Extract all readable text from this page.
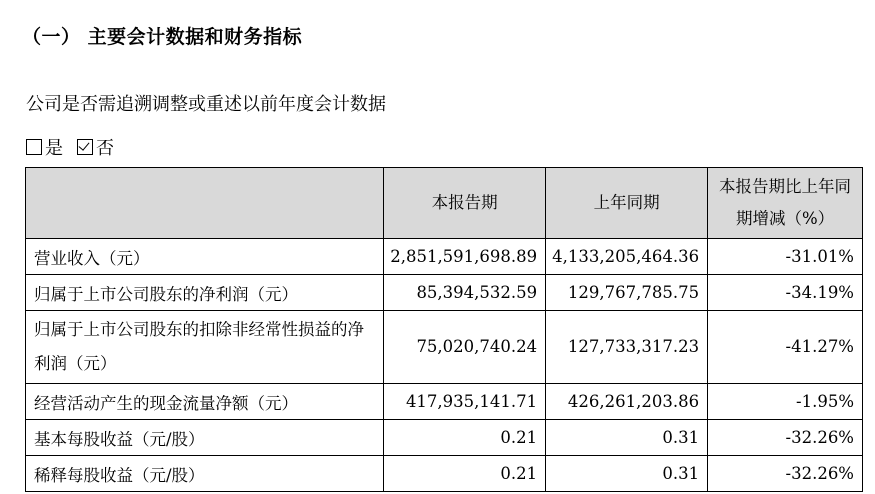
（一） 主要会计数据和财务指标
公司是否需追溯调整或重述以前年度会计数据
是 否
	本报告期	上年同期	本报告期比上年同期增减（%）
营业收入（元）	2,851,591,698.89	4,133,205,464.36	-31.01%
归属于上市公司股东的净利润（元）	85,394,532.59	129,767,785.75	-34.19%
归属于上市公司股东的扣除非经常性损益的净利润（元）	75,020,740.24	127,733,317.23	-41.27%
经营活动产生的现金流量净额（元）	417,935,141.71	426,261,203.86	-1.95%
基本每股收益（元/股）	0.21	0.31	-32.26%
稀释每股收益（元/股）	0.21	0.31	-32.26%
